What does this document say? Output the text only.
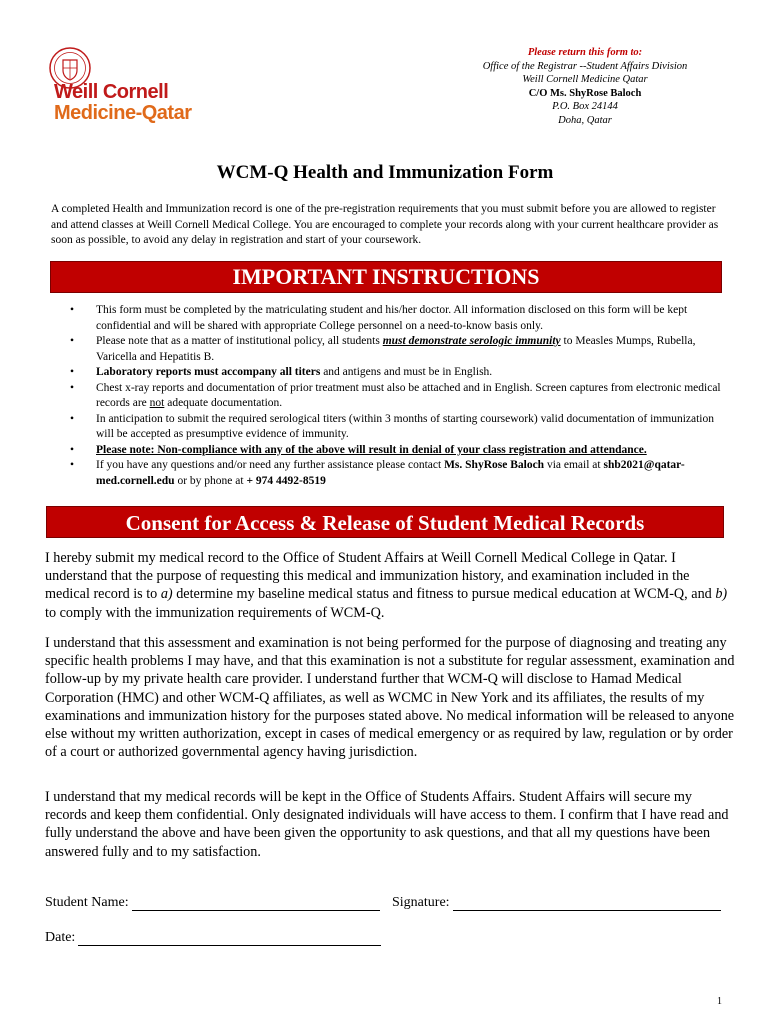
Weill Cornell
Medicine-Qatar
Please return this form to:
Office of the Registrar --Student Affairs Division
Weill Cornell Medicine Qatar
C/O Ms. ShyRose Baloch
P.O. Box 24144
Doha, Qatar
WCM-Q Health and Immunization Form
A completed Health and Immunization record is one of the pre-registration requirements that you must submit before you are allowed to register and attend classes at Weill Cornell Medical College. You are encouraged to complete your records along with your current healthcare provider as soon as possible, to avoid any delay in registration and start of your coursework.
IMPORTANT INSTRUCTIONS
• This form must be completed by the matriculating student and his/her doctor. All information disclosed on this form will be kept confidential and will be shared with appropriate College personnel on a need-to-know basis only.
• Please note that as a matter of institutional policy, all students must demonstrate serologic immunity to Measles Mumps, Rubella, Varicella and Hepatitis B.
• Laboratory reports must accompany all titers and antigens and must be in English.
• Chest x-ray reports and documentation of prior treatment must also be attached and in English. Screen captures from electronic medical records are not adequate documentation.
• In anticipation to submit the required serological titers (within 3 months of starting coursework) valid documentation of immunization will be accepted as presumptive evidence of immunity.
• Please note: Non-compliance with any of the above will result in denial of your class registration and attendance.
• If you have any questions and/or need any further assistance please contact Ms. ShyRose Baloch via email at shb2021@qatar-med.cornell.edu or by phone at + 974 4492-8519
Consent for Access & Release of Student Medical Records

I hereby submit my medical record to the Office of Student Affairs at Weill Cornell Medical College in Qatar. I understand that the purpose of requesting this medical and immunization history, and examination included in the medical record is to a) determine my baseline medical status and fitness to pursue medical education at WCM-Q, and b) to comply with the immunization requirements of WCM-Q.

I understand that this assessment and examination is not being performed for the purpose of diagnosing and treating any specific health problems I may have, and that this examination is not a substitute for regular assessment, examination and follow-up by my private health care provider. I understand further that WCM-Q will disclose to Hamad Medical Corporation (HMC) and other WCM-Q affiliates, as well as WCMC in New York and its affiliates, the results of my examinations and immunization history for the purposes stated above. No medical information will be released to anyone else without my written authorization, except in cases of medical emergency or as required by law, regulation or by order of a court or authorized governmental agency having jurisdiction.

I understand that my medical records will be kept in the Office of Students Affairs. Student Affairs will secure my records and keep them confidential. Only designated individuals will have access to them. I confirm that I have read and fully understand the above and have been given the opportunity to ask questions, and that all my questions have been answered fully and to my satisfaction.

Student Name:	Signature:
Date:
1
